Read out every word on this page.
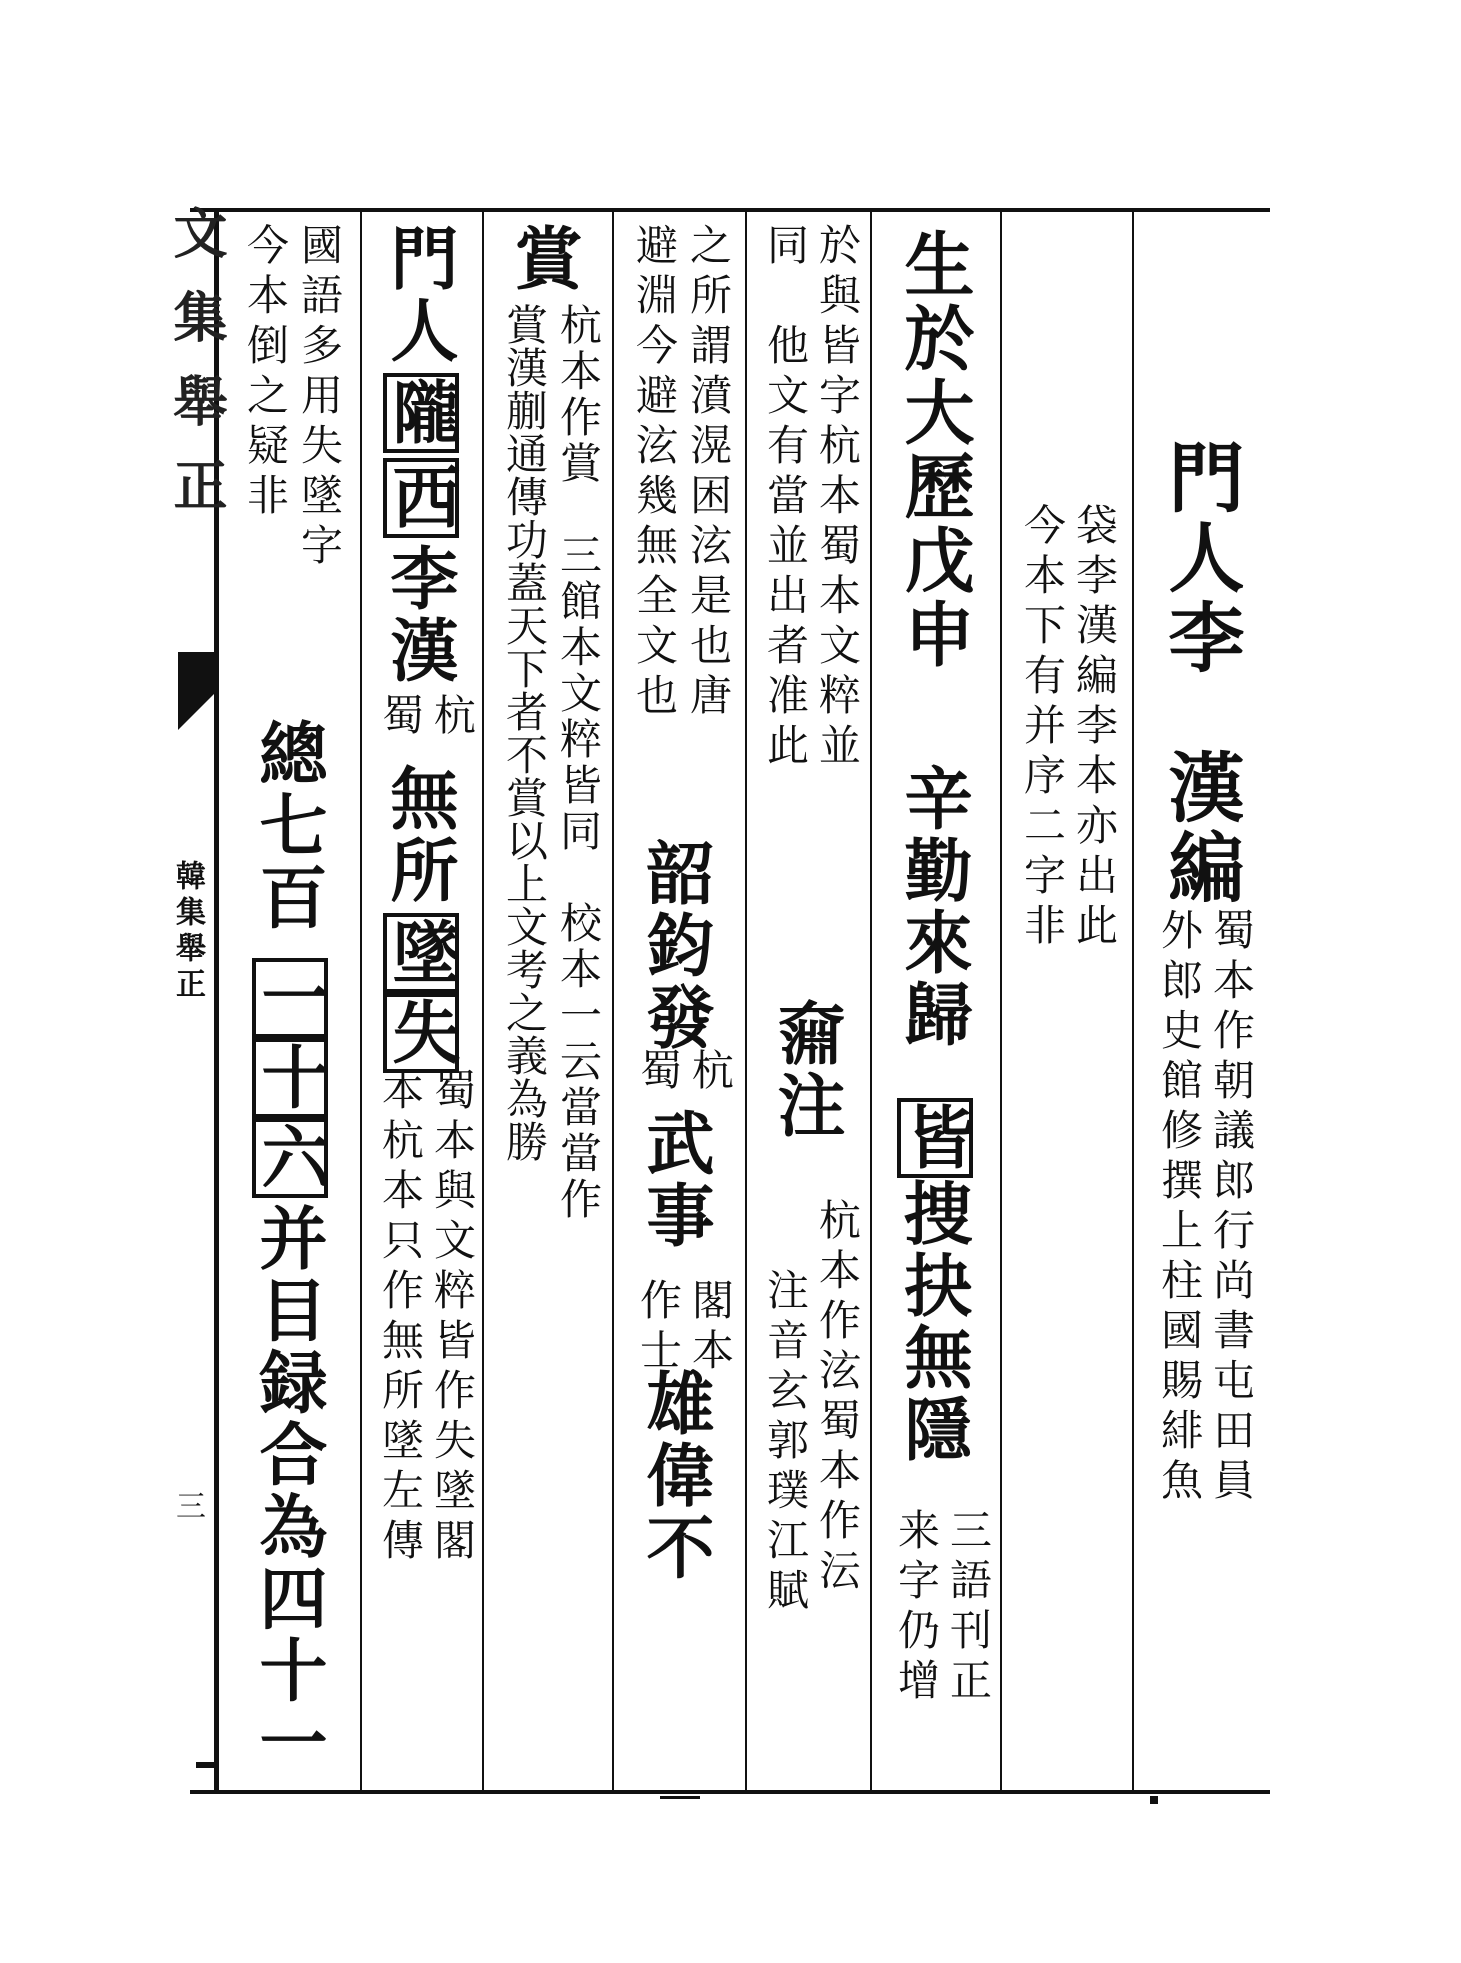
文集舉正
韓集舉正
三
門人李
漢編
蜀本作朝議郎行尚書屯田員
外郎史館修撰上柱國賜緋魚
袋李漢編李本亦出此
今本下有并序二字非
生於大歷戊申
辛勤來歸
皆
捜抉無隱
三語刊正
来字仍增
於與皆字杭本蜀本文粹並
同　他文有當並出者准此
奫注
杭本作泫蜀本作沄
注音玄郭璞江賦
之所謂濆滉困泫是也唐
避淵今避泫幾無全文也
韶鈞發
杭
蜀
武事
閣本
作士
雄偉不
賞
杭本作賞　三館本文粹皆同　校本一云當當作
賞漢蒯通傳功蓋天下者不賞以上文考之義為勝
門人
隴
西
李漢
杭
蜀
無所
墜
失
蜀本與文粹皆作失墜閣
本杭本只作無所墜左傳
國語多用失墜字
今本倒之疑非
總七百
一
十
六
并目録合為四十一
